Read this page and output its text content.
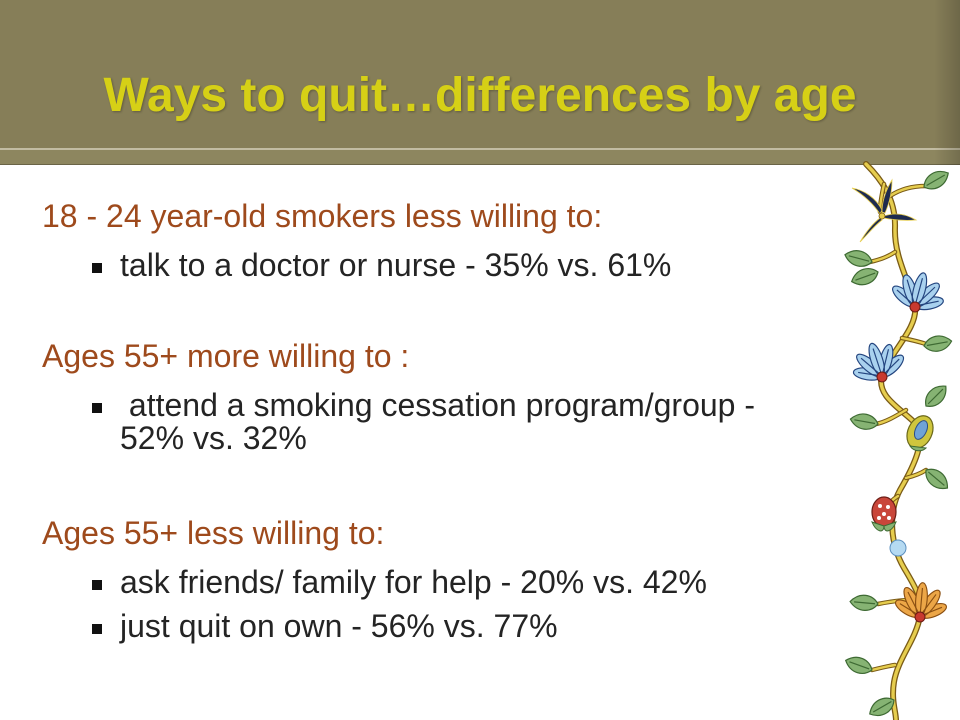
Ways to quit…differences by age

18 - 24 year-old smokers less willing to:

talk to a doctor or nurse - 35% vs. 61%

Ages 55+ more willing to :

attend a smoking cessation program/group - 52% vs. 32%

Ages 55+ less willing to:

ask friends/ family for help - 20% vs. 42%
just quit on own - 56% vs. 77%
